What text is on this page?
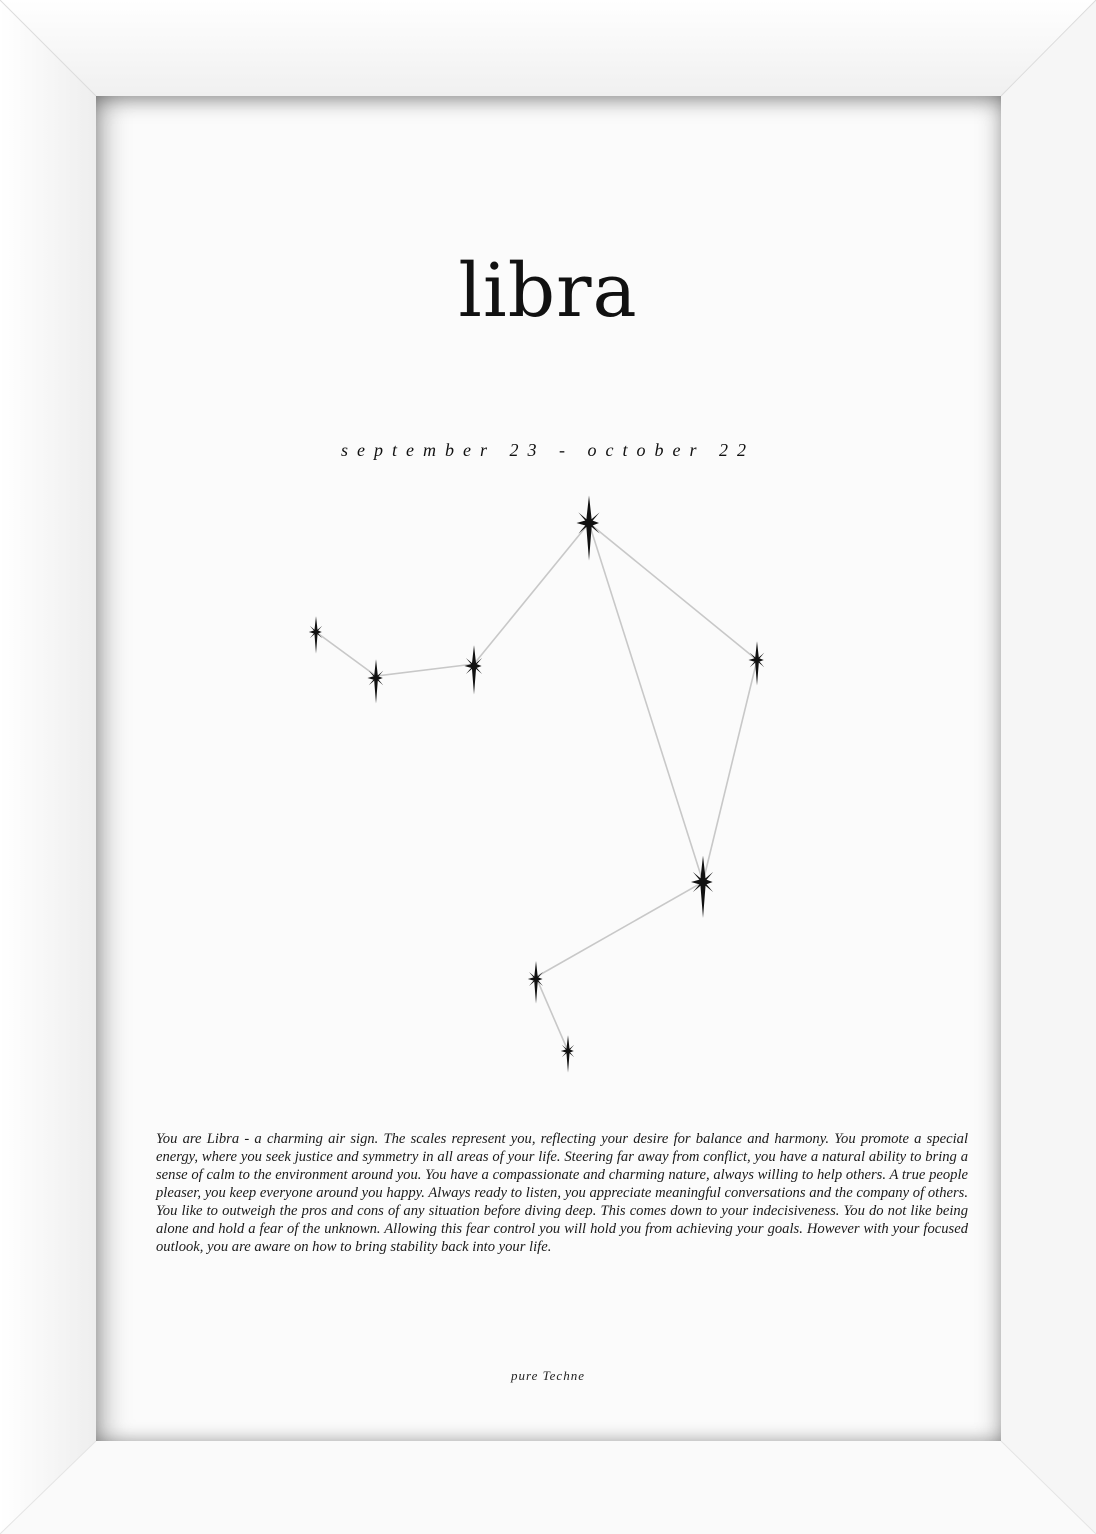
libra
september 23 - october 22

You are Libra - a charming air sign. The scales represent you, reflecting your desire for balance and harmony. You promote a special energy, where you seek justice and symmetry in all areas of your life. Steering far away from conflict, you have a natural ability to bring a sense of calm to the environment around you. You have a compassionate and charming nature, always willing to help others. A true people pleaser, you keep everyone around you happy. Always ready to listen, you appreciate meaningful conversations and the company of others. You like to outweigh the pros and cons of any situation before diving deep. This comes down to your indecisiveness. You do not like being alone and hold a fear of the unknown. Allowing this fear control you will hold you from achieving your goals. However with your focused outlook, you are aware on how to bring stability back into your life.

pure Techne
